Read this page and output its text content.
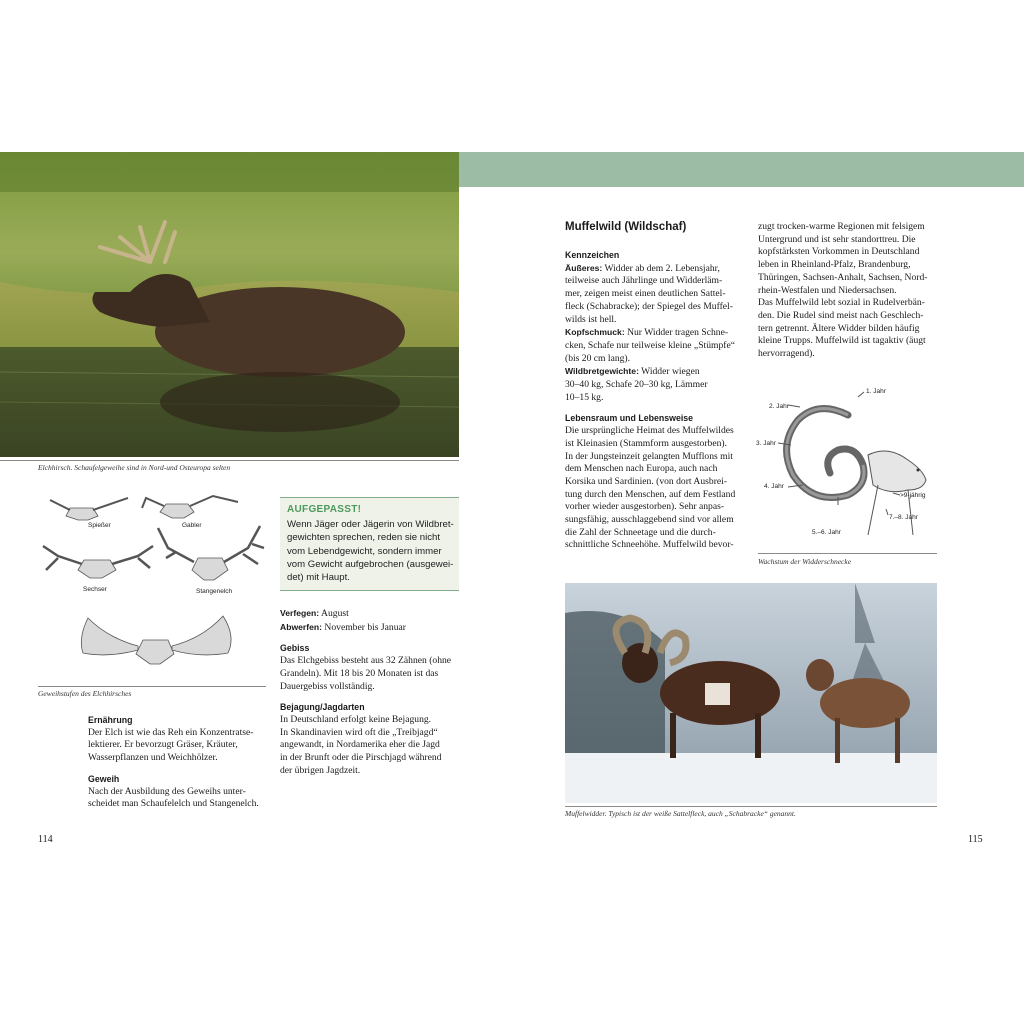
Elchhirsch. Schaufelgeweihe sind in Nord-und Osteuropa selten
Spießer	Gabler
Sechser	Stangenelch
Geweihstufen des Elchhirsches
AUFGEPASST!
Wenn Jäger oder Jägerin von Wildbret-
gewichten sprechen, reden sie nicht
vom Lebendgewicht, sondern immer
vom Gewicht aufgebrochen (ausgewei-
det) mit Haupt.
Verfegen: August
Abwerfen: November bis Januar
Gebiss
Das Elchgebiss besteht aus 32 Zähnen (ohne
Grandeln). Mit 18 bis 20 Monaten ist das
Dauergebiss vollständig.
Bejagung/Jagdarten
In Deutschland erfolgt keine Bejagung.
In Skandinavien wird oft die „Treibjagd“
angewandt, in Nordamerika eher die Jagd
in der Brunft oder die Pirschjagd während
der übrigen Jagdzeit.
Ernährung
Der Elch ist wie das Reh ein Konzentratse-
lektierer. Er bevorzugt Gräser, Kräuter,
Wasserpflanzen und Weichhölzer.
Geweih
Nach der Ausbildung des Geweihs unter-
scheidet man Schaufelelch und Stangenelch.
114
Muffelwild (Wildschaf)
Kennzeichen
Äußeres: Widder ab dem 2. Lebensjahr,
teilweise auch Jährlinge und Widderläm-
mer, zeigen meist einen deutlichen Sattel-
fleck (Schabracke); der Spiegel des Muffel-
wilds ist hell.
Kopfschmuck: Nur Widder tragen Schne-
cken, Schafe nur teilweise kleine „Stümpfe“
(bis 20 cm lang).
Wildbretgewichte: Widder wiegen
30–40 kg, Schafe 20–30 kg, Lämmer
10–15 kg.
Lebensraum und Lebensweise
Die ursprüngliche Heimat des Muffelwildes
ist Kleinasien (Stammform ausgestorben).
In der Jungsteinzeit gelangten Mufflons mit
dem Menschen nach Europa, auch nach
Korsika und Sardinien. (von dort Ausbrei-
tung durch den Menschen, auf dem Festland
vorher wieder ausgestorben). Sehr anpas-
sungsfähig, ausschlaggebend sind vor allem
die Zahl der Schneetage und die durch-
schnittliche Schneehöhe. Muffelwild bevor-
zugt trocken-warme Regionen mit felsigem
Untergrund und ist sehr standorttreu. Die
kopfstärksten Vorkommen in Deutschland
leben in Rheinland-Pfalz, Brandenburg,
Thüringen, Sachsen-Anhalt, Sachsen, Nord-
rhein-Westfalen und Niedersachsen.
Das Muffelwild lebt sozial in Rudelverbän-
den. Die Rudel sind meist nach Geschlech-
tern getrennt. Ältere Widder bilden häufig
kleine Trupps. Muffelwild ist tagaktiv (äugt
hervorragend).
1. Jahr
2. Jahr
3. Jahr
4. Jahr
5.–6. Jahr
7.–8. Jahr
>9-jährig
Wachstum der Widderschnecke
Muffelwidder. Typisch ist der weiße Sattelfleck, auch „Schabracke“ genannt.
115
